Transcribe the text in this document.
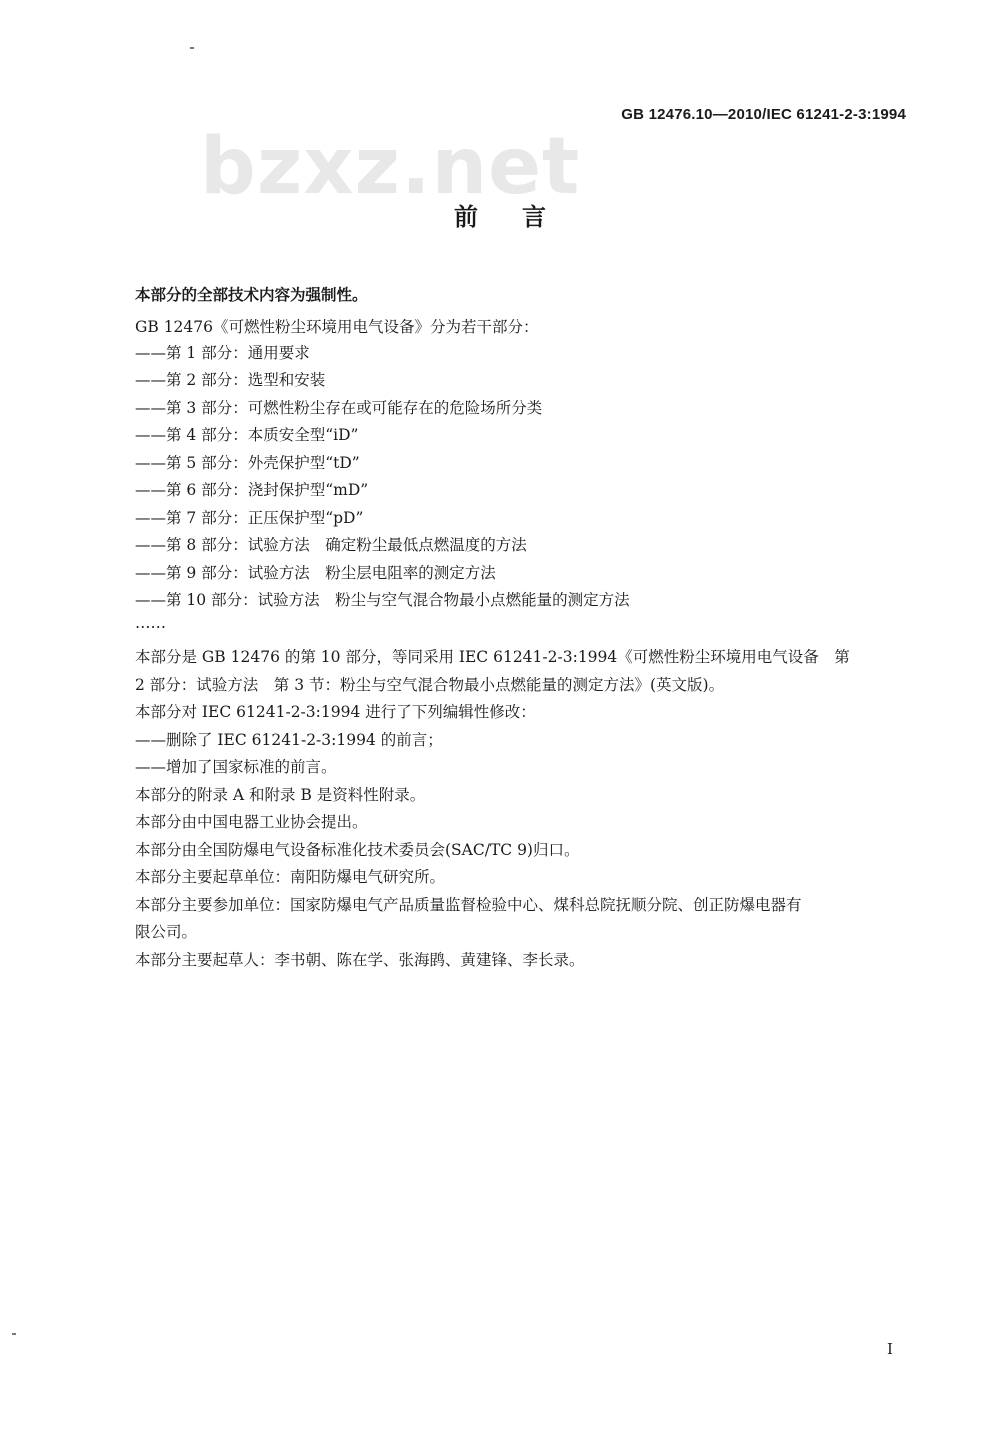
GB 12476.10—2010/IEC 61241-2-3:1994
bzxz.net
前言
本部分的全部技术内容为强制性。
GB 12476《可燃性粉尘环境用电气设备》分为若干部分：
——第 1 部分：通用要求
——第 2 部分：选型和安装
——第 3 部分：可燃性粉尘存在或可能存在的危险场所分类
——第 4 部分：本质安全型“iD”
——第 5 部分：外壳保护型“tD”
——第 6 部分：浇封保护型“mD”
——第 7 部分：正压保护型“pD”
——第 8 部分：试验方法　确定粉尘最低点燃温度的方法
——第 9 部分：试验方法　粉尘层电阻率的测定方法
——第 10 部分：试验方法　粉尘与空气混合物最小点燃能量的测定方法
……
本部分是 GB 12476 的第 10 部分，等同采用 IEC 61241-2-3:1994《可燃性粉尘环境用电气设备　第
2 部分：试验方法　第 3 节：粉尘与空气混合物最小点燃能量的测定方法》(英文版)。
本部分对 IEC 61241-2-3:1994 进行了下列编辑性修改：
——删除了 IEC 61241-2-3:1994 的前言；
——增加了国家标准的前言。
本部分的附录 A 和附录 B 是资料性附录。
本部分由中国电器工业协会提出。
本部分由全国防爆电气设备标准化技术委员会(SAC/TC 9)归口。
本部分主要起草单位：南阳防爆电气研究所。
本部分主要参加单位：国家防爆电气产品质量监督检验中心、煤科总院抚顺分院、创正防爆电器有
限公司。
本部分主要起草人：李书朝、陈在学、张海鹍、黄建锋、李长录。
I
